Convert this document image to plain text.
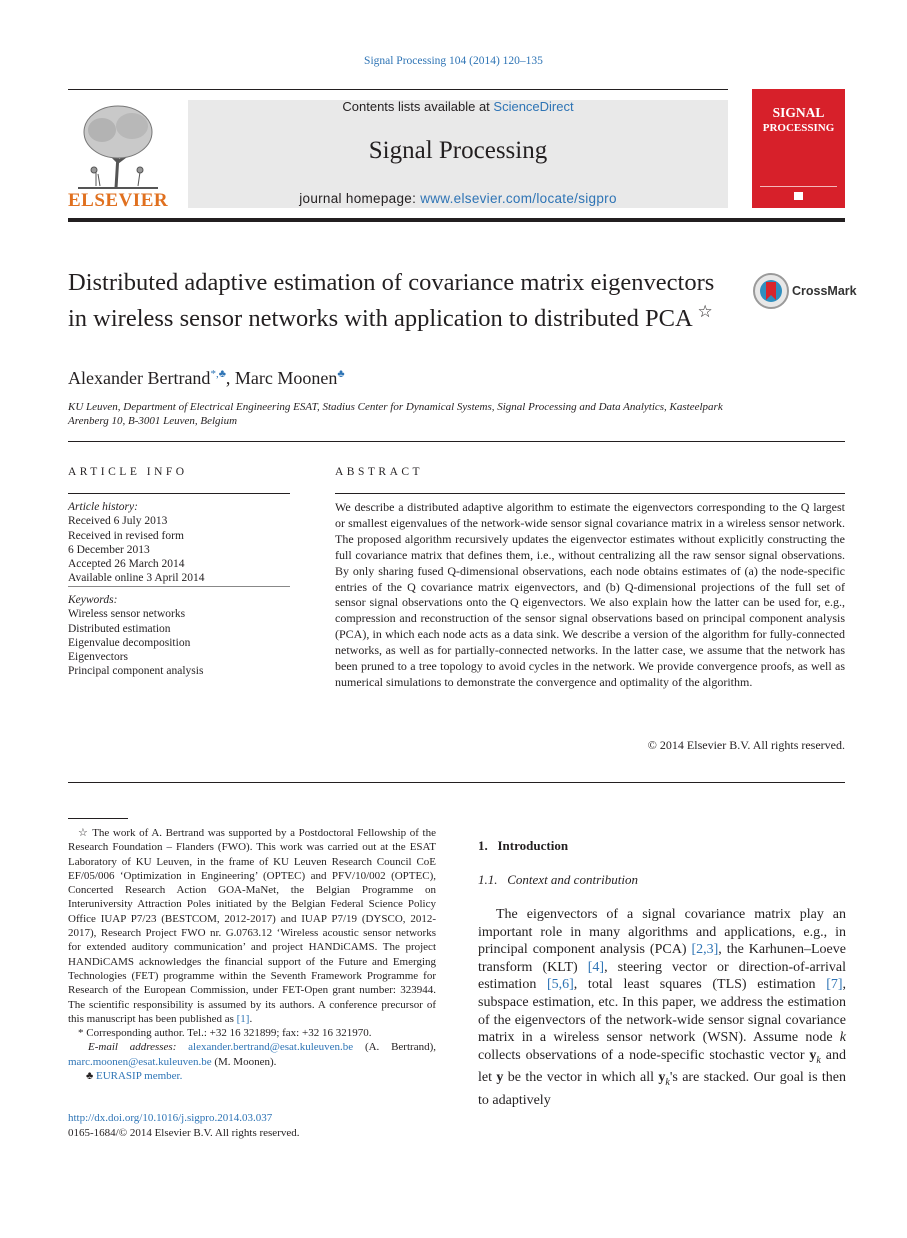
Signal Processing 104 (2014) 120–135
Contents lists available at ScienceDirect
Signal Processing
journal homepage: www.elsevier.com/locate/sigpro
ELSEVIER
SIGNAL
PROCESSING
Distributed adaptive estimation of covariance matrix eigenvectors in wireless sensor networks with application to distributed PCA ☆
CrossMark
Alexander Bertrand*,♣, Marc Moonen♣
KU Leuven, Department of Electrical Engineering ESAT, Stadius Center for Dynamical Systems, Signal Processing and Data Analytics, Kasteelpark Arenberg 10, B-3001 Leuven, Belgium
ARTICLE INFO
Article history:
Received 6 July 2013
Received in revised form
6 December 2013
Accepted 26 March 2014
Available online 3 April 2014
Keywords:
Wireless sensor networks
Distributed estimation
Eigenvalue decomposition
Eigenvectors
Principal component analysis
ABSTRACT
We describe a distributed adaptive algorithm to estimate the eigenvectors corresponding to the Q largest or smallest eigenvalues of the network-wide sensor signal covariance matrix in a wireless sensor network. The proposed algorithm recursively updates the eigenvector estimates without explicitly constructing the full covariance matrix that defines them, i.e., without centralizing all the raw sensor signal observations. By only sharing fused Q-dimensional observations, each node obtains estimates of (a) the node-specific entries of the Q covariance matrix eigenvectors, and (b) Q-dimensional projections of the full set of sensor signal observations onto the Q eigenvectors. We also explain how the latter can be used for, e.g., compression and reconstruction of the sensor signal observations based on principal component analysis (PCA), in which each node acts as a data sink. We describe a version of the algorithm for fully-connected networks, as well as for partially-connected networks. In the latter case, we assume that the network has been pruned to a tree topology to avoid cycles in the network. We provide convergence proofs, as well as numerical simulations to demonstrate the convergence and optimality of the algorithm.
© 2014 Elsevier B.V. All rights reserved.
☆ The work of A. Bertrand was supported by a Postdoctoral Fellowship of the Research Foundation – Flanders (FWO). This work was carried out at the ESAT Laboratory of KU Leuven, in the frame of KU Leuven Research Council CoE EF/05/006 ‘Optimization in Engineering’ (OPTEC) and PFV/10/002 (OPTEC), Concerted Research Action GOA-MaNet, the Belgian Programme on Interuniversity Attraction Poles initiated by the Belgian Federal Science Policy Office IUAP P7/23 (BESTCOM, 2012-2017) and IUAP P7/19 (DYSCO, 2012-2017), Research Project FWO nr. G.0763.12 ‘Wireless acoustic sensor networks for extended auditory communication’ and project HANDiCAMS. The project HANDiCAMS acknowledges the financial support of the Future and Emerging Technologies (FET) programme within the Seventh Framework Programme for Research of the European Commission, under FET-Open grant number: 323944. The scientific responsibility is assumed by its authors. A conference precursor of this manuscript has been published as [1].
* Corresponding author. Tel.: +32 16 321899; fax: +32 16 321970.
E-mail addresses: alexander.bertrand@esat.kuleuven.be (A. Bertrand), marc.moonen@esat.kuleuven.be (M. Moonen).
♣ EURASIP member.
http://dx.doi.org/10.1016/j.sigpro.2014.03.037
0165-1684/© 2014 Elsevier B.V. All rights reserved.
1.   Introduction
1.1.   Context and contribution
The eigenvectors of a signal covariance matrix play an important role in many algorithms and applications, e.g., in principal component analysis (PCA) [2,3], the Karhunen–Loeve transform (KLT) [4], steering vector or direction-of-arrival estimation [5,6], total least squares (TLS) estimation [7], subspace estimation, etc. In this paper, we address the estimation of the eigenvectors of the network-wide sensor signal covariance matrix in a wireless sensor network (WSN). Assume node k collects observations of a node-specific stochastic vector $y_k$ and let y be the vector in which all $y_k's$ are stacked. Our goal is then to adaptively
